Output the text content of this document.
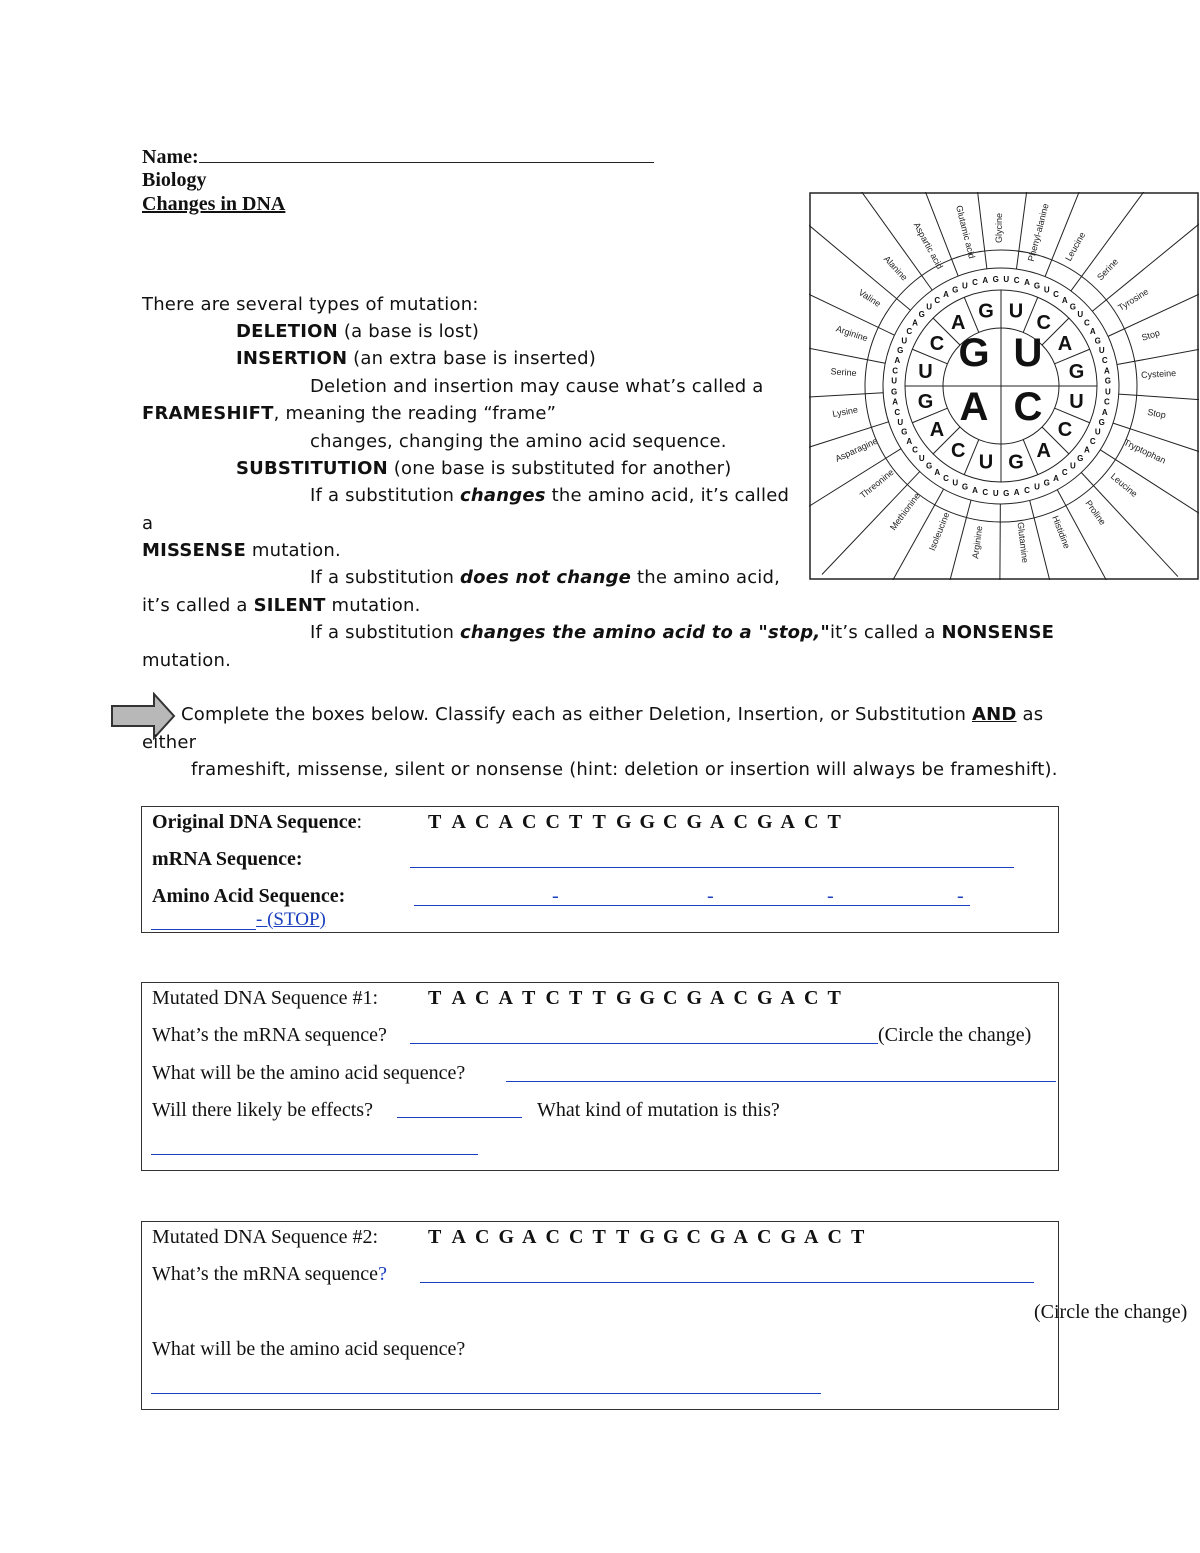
Name:
Biology
Changes in DNA
There are several types of mutation:
DELETION (a base is lost)
INSERTION (an extra base is inserted)
Deletion and insertion may cause what’s called a
FRAMESHIFT, meaning the reading “frame”
changes, changing the amino acid sequence.
SUBSTITUTION (one base is substituted for another)
If a substitution changes the amino acid, it’s called
a
MISSENSE mutation.
If a substitution does not change the amino acid,
it’s called a SILENT mutation.
If a substitution changes the amino acid to a "stop,"it’s called a NONSENSE
mutation.
Complete the boxes below. Classify each as either Deletion, Insertion, or Substitution AND as
either
frameshift, missense, silent or nonsense (hint: deletion or insertion will always be frameshift).
G U
A C
U
C
A
G
U
C
A
G
U
C
A
G
U
C
A
G
U C A G U
C
A
G
U
C
A
G
U
C
A
G
U
C
A
G
U
C
A
G
U
C
A
G
U
C
A
G
U
C
A
G
U
C
A
G
U
C
A
G
U
C
A
G
U
C
A
G
U
C
A
G
U
C
A
G U C A G
Glycine Phenyl-alanine Leucine
Serine
Tyrosine
Stop
Cysteine
Stop
Tryptophan
Leucine
Proline
Histidine
Glutamine
Arginine
Isoleucine
Methionine
Threonine
Asparagine
Lysine
Serine
Arginine
Valine
Alanine Aspartic acid Glutamic acid
Original DNA Sequence:	T A C A C C T T G G C G A C G A C T
mRNA Sequence:
Amino Acid Sequence:	-	-	-	-
- (STOP)
Mutated DNA Sequence #1: T A C A T C T T G G C G A C G A C T
What’s the mRNA sequence?	(Circle the change)
What will be the amino acid sequence?
Will there likely be effects?	What kind of mutation is this?
Mutated DNA Sequence #2: T A C G A C C T T G G C G A C G A C T
What’s the mRNA sequence?
(Circle the change)
What will be the amino acid sequence?
